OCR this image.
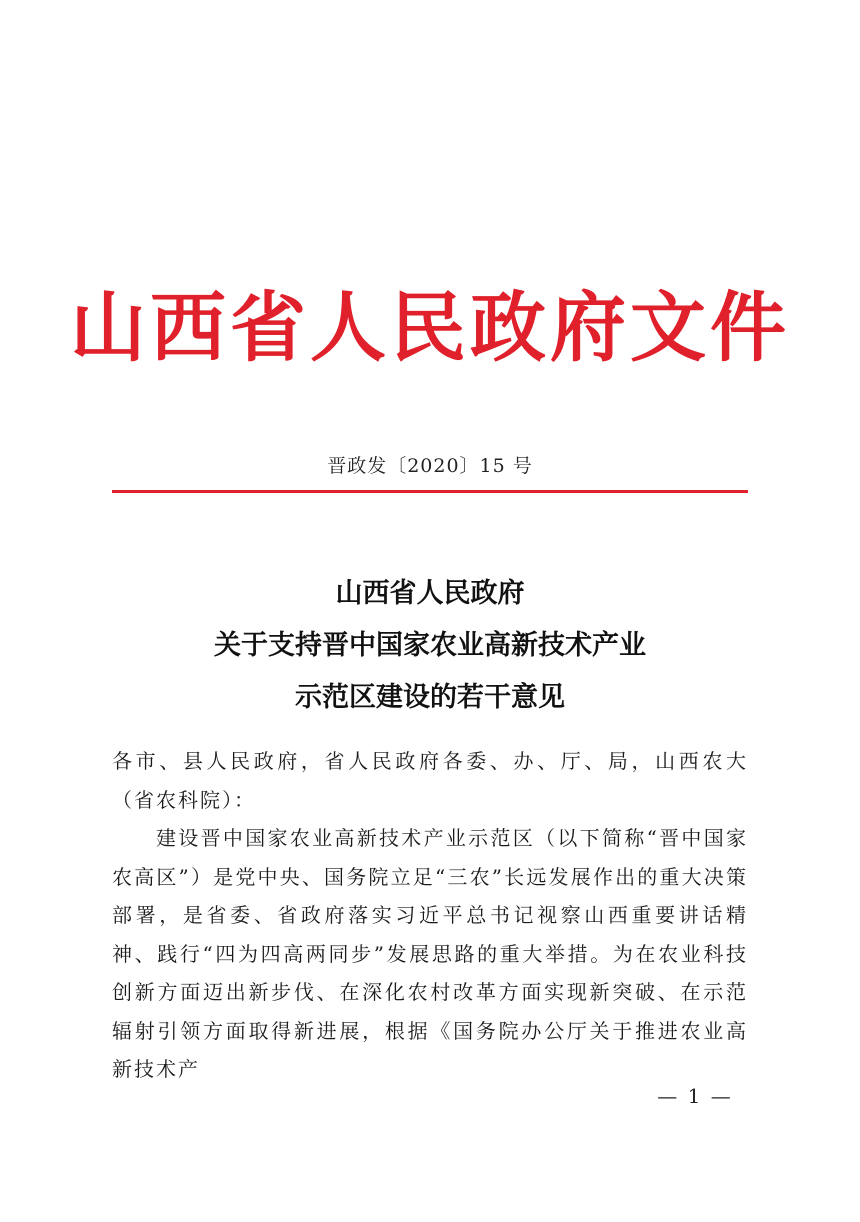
山西省人民政府文件
晋政发〔2020〕15 号
山西省人民政府
关于支持晋中国家农业高新技术产业
示范区建设的若干意见

各市、县人民政府，省人民政府各委、办、厅、局，山西农大（省农科院）：

建设晋中国家农业高新技术产业示范区（以下简称“晋中国家农高区”）是党中央、国务院立足“三农”长远发展作出的重大决策部署，是省委、省政府落实习近平总书记视察山西重要讲话精神、践行“四为四高两同步”发展思路的重大举措。为在农业科技创新方面迈出新步伐、在深化农村改革方面实现新突破、在示范辐射引领方面取得新进展，根据《国务院办公厅关于推进农业高新技术产

— 1 —
